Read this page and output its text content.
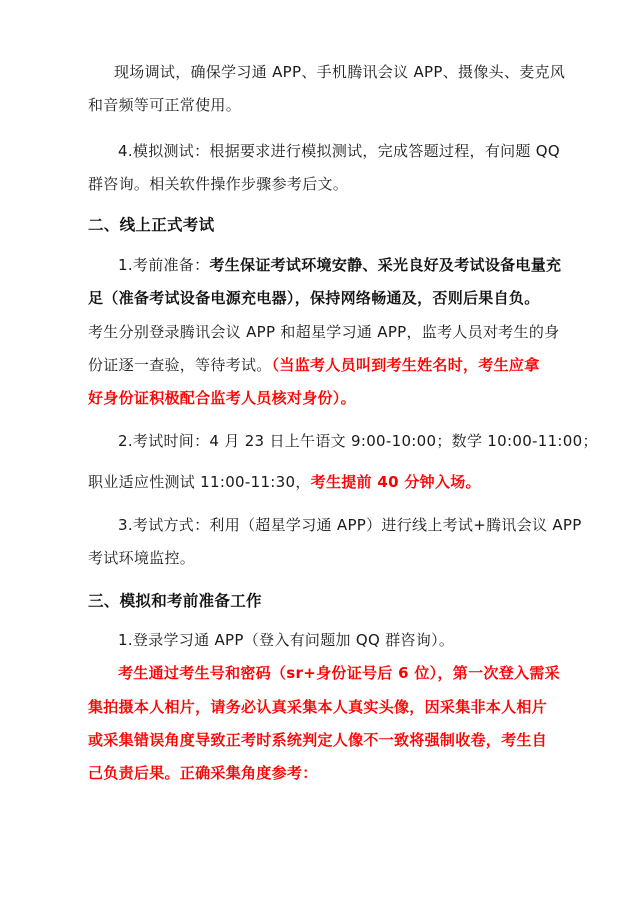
现场调试，确保学习通 APP、手机腾讯会议 APP、摄像头、麦克风
和音频等可正常使用。
4.模拟测试：根据要求进行模拟测试，完成答题过程，有问题 QQ
群咨询。相关软件操作步骤参考后文。
二、线上正式考试
1.考前准备：考生保证考试环境安静、采光良好及考试设备电量充
足（准备考试设备电源充电器），保持网络畅通及，否则后果自负。
考生分别登录腾讯会议 APP 和超星学习通 APP，监考人员对考生的身
份证逐一查验，等待考试。（当监考人员叫到考生姓名时，考生应拿
好身份证积极配合监考人员核对身份）。
2.考试时间：4 月 23 日上午语文 9:00-10:00；数学 10:00-11:00；
职业适应性测试 11:00-11:30，考生提前 40 分钟入场。
3.考试方式：利用（超星学习通 APP）进行线上考试+腾讯会议 APP
考试环境监控。
三、模拟和考前准备工作
1.登录学习通 APP（登入有问题加 QQ 群咨询）。
考生通过考生号和密码（sr+身份证号后 6 位），第一次登入需采
集拍摄本人相片，请务必认真采集本人真实头像，因采集非本人相片
或采集错误角度导致正考时系统判定人像不一致将强制收卷，考生自
己负责后果。正确采集角度参考：
